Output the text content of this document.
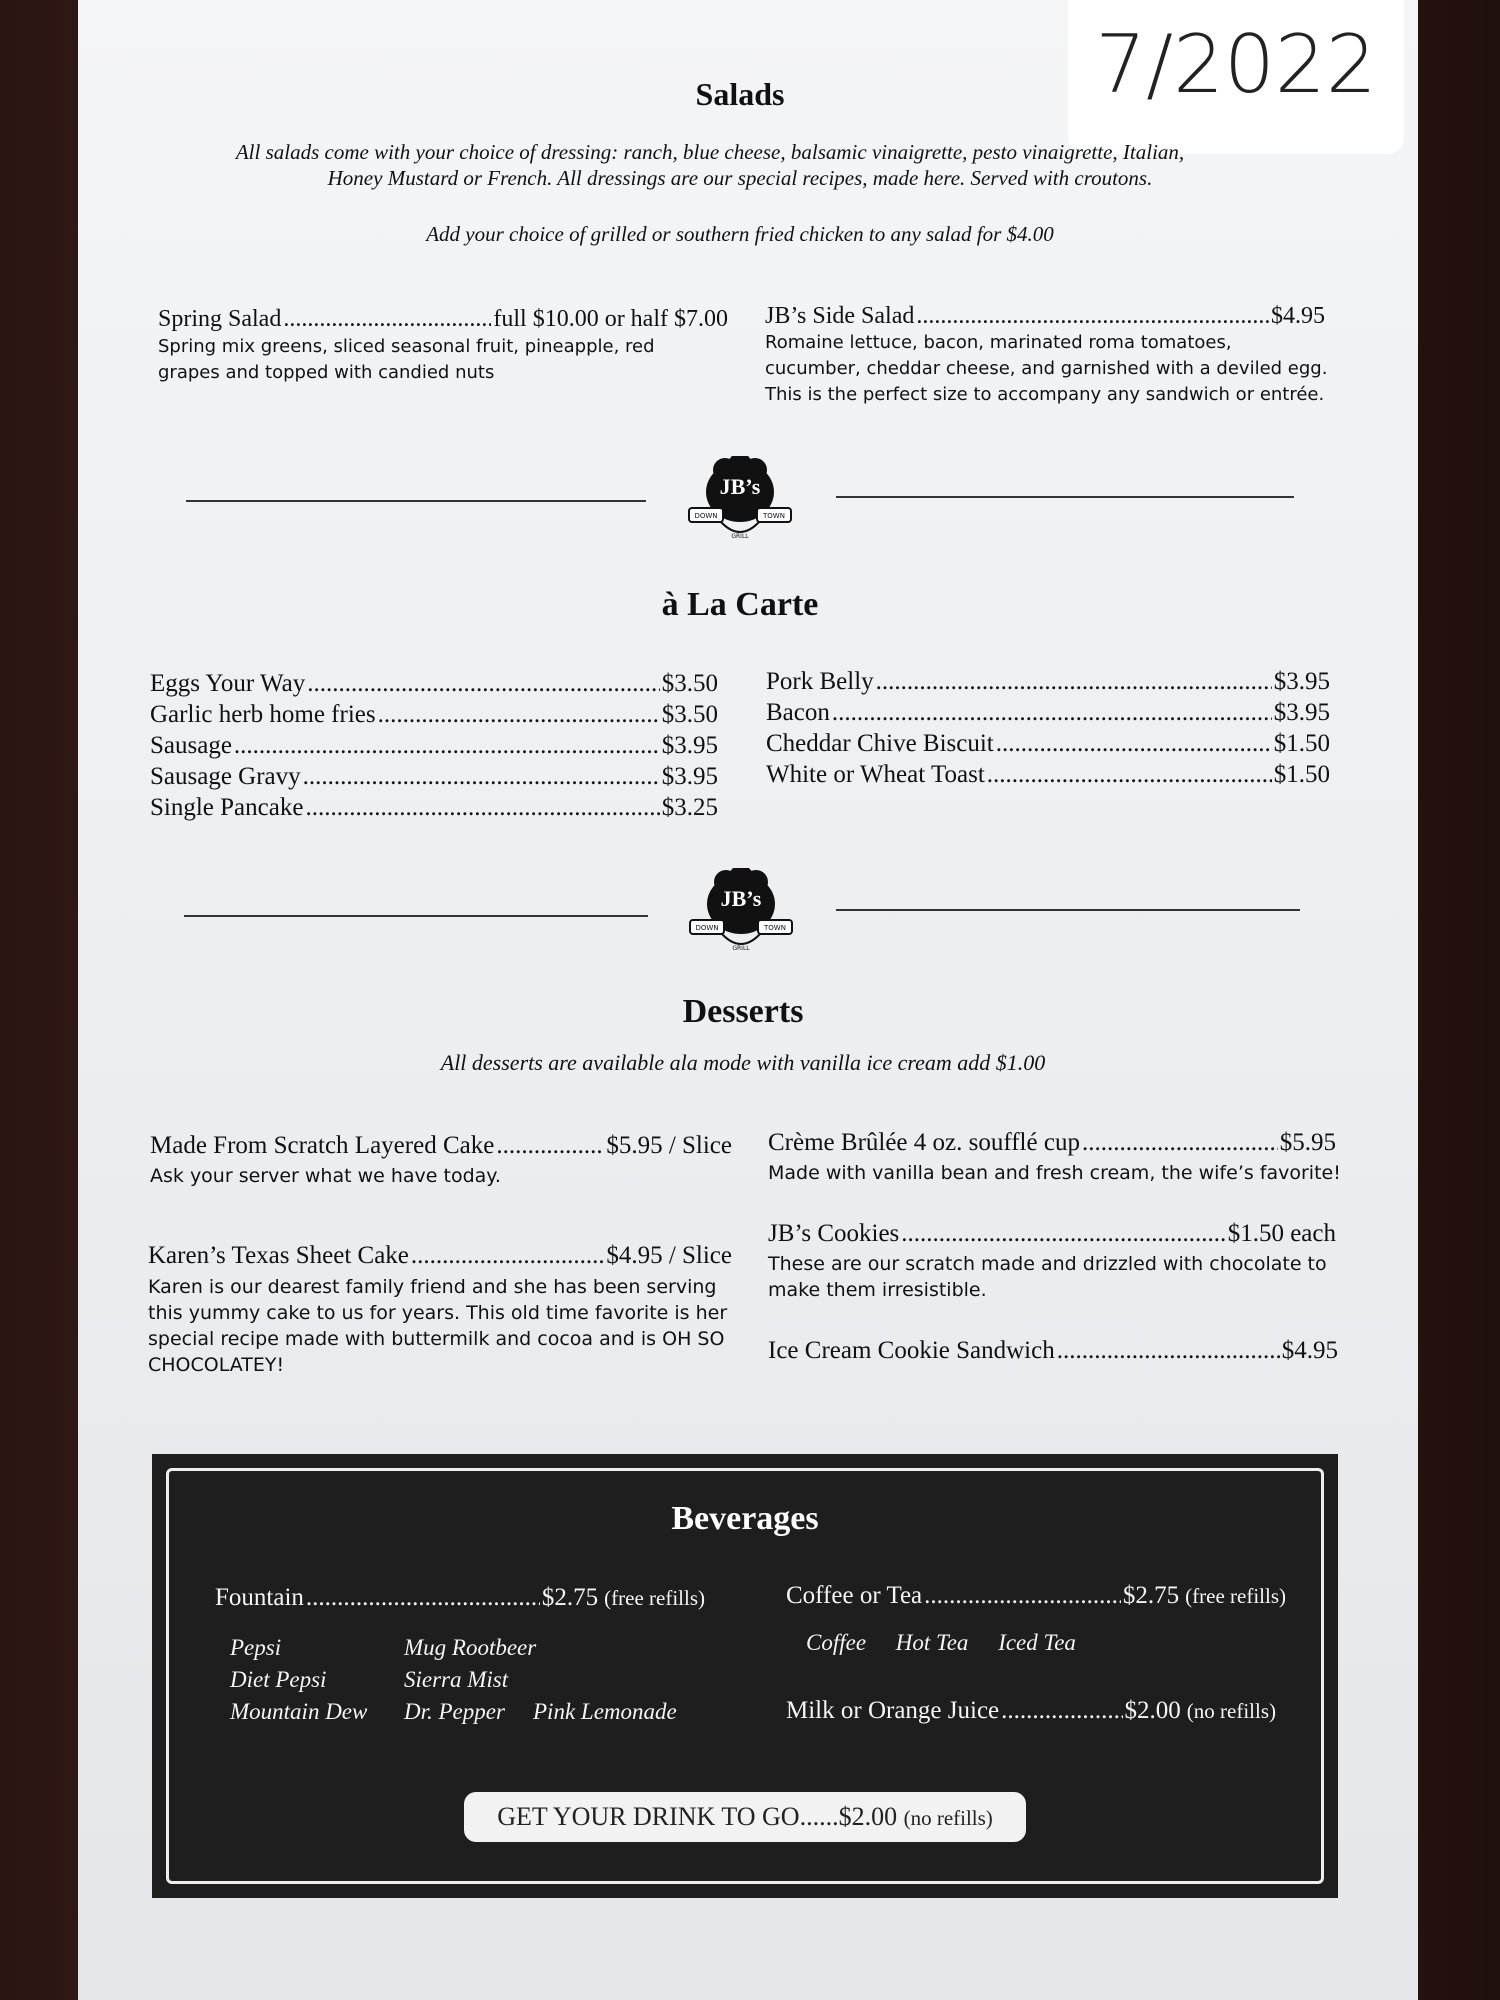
7/2022
Salads
All salads come with your choice of dressing: ranch, blue cheese, balsamic vinaigrette, pesto vinaigrette, Italian,
Honey Mustard or French. All dressings are our special recipes, made here. Served with croutons.
Add your choice of grilled or southern fried chicken to any salad for $4.00
Spring Salad .....	full $10.00 or half $7.00
Spring mix greens, sliced seasonal fruit, pineapple, red
grapes and topped with candied nuts
JB’s Side Salad .....	$4.95
Romaine lettuce, bacon, marinated roma tomatoes,
cucumber, cheddar cheese, and garnished with a deviled egg.
This is the perfect size to accompany any sandwich or entrée.
JB’s
DOWN	TOWN
GRILL
à La Carte
Eggs Your Way .....	$3.50
Garlic herb home fries .....	$3.50
Sausage .....	$3.95
Sausage Gravy .....	$3.95
Single Pancake .....	$3.25
Pork Belly .....	$3.95
Bacon .....	$3.95
Cheddar Chive Biscuit .....	$1.50
White or Wheat Toast .....	$1.50
JB’s
DOWN	TOWN
GRILL
Desserts
All desserts are available ala mode with vanilla ice cream add $1.00
Made From Scratch Layered Cake .....	$5.95 / Slice
Ask your server what we have today.
Karen’s Texas Sheet Cake .....	$4.95 / Slice
Karen is our dearest family friend and she has been serving
this yummy cake to us for years. This old time favorite is her
special recipe made with buttermilk and cocoa and is OH SO
CHOCOLATEY!
Crème Brûlée 4 oz. soufflé cup .....	$5.95
Made with vanilla bean and fresh cream, the wife’s favorite!
JB’s Cookies .....	$1.50 each
These are our scratch made and drizzled with chocolate to
make them irresistible.
Ice Cream Cookie Sandwich .....	$4.95
Beverages
Fountain .....	$2.75 (free refills)
Pepsi
Diet Pepsi
Mountain Dew
Mug Rootbeer
Sierra Mist
Dr. Pepper	Pink Lemonade
Coffee or Tea .....	$2.75 (free refills)
Coffee Hot Tea Iced Tea
Milk or Orange Juice .....	$2.00 (no refills)
GET YOUR DRINK TO GO......$2.00 (no refills)
